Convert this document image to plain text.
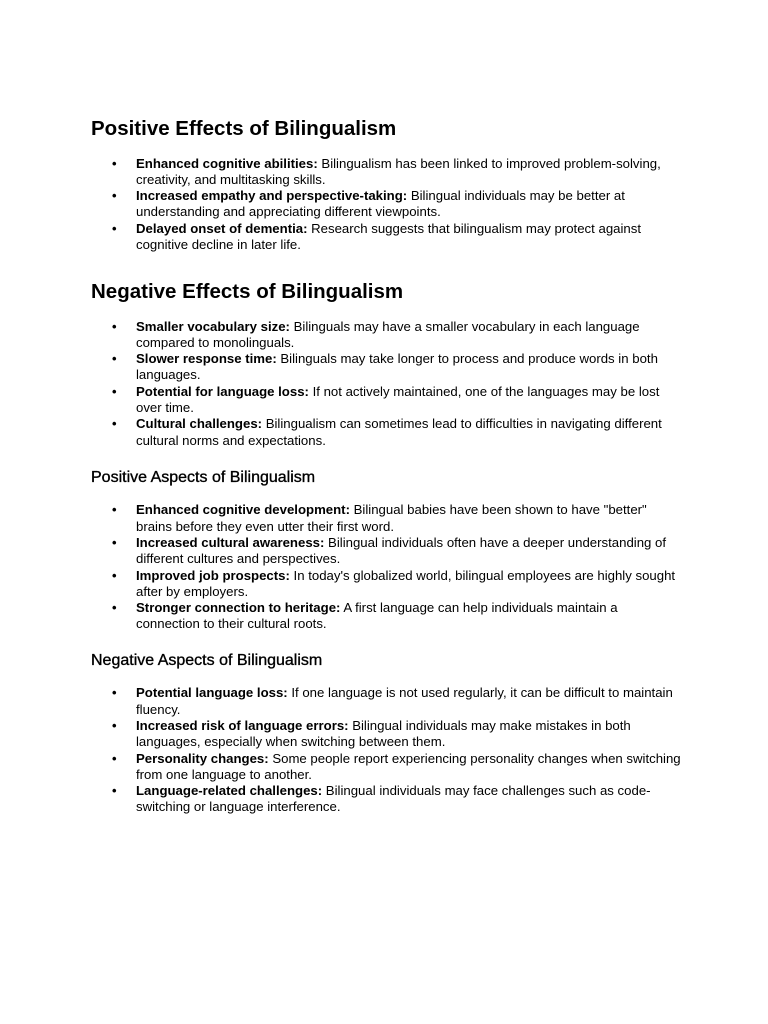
Positive Effects of Bilingualism
• Enhanced cognitive abilities: Bilingualism has been linked to improved problem-solving, creativity, and multitasking skills.
• Increased empathy and perspective-taking: Bilingual individuals may be better at understanding and appreciating different viewpoints.
• Delayed onset of dementia: Research suggests that bilingualism may protect against cognitive decline in later life.
Negative Effects of Bilingualism
• Smaller vocabulary size: Bilinguals may have a smaller vocabulary in each language compared to monolinguals.
• Slower response time: Bilinguals may take longer to process and produce words in both languages.
• Potential for language loss: If not actively maintained, one of the languages may be lost over time.
• Cultural challenges: Bilingualism can sometimes lead to difficulties in navigating different cultural norms and expectations.
Positive Aspects of Bilingualism
• Enhanced cognitive development: Bilingual babies have been shown to have "better" brains before they even utter their first word.
• Increased cultural awareness: Bilingual individuals often have a deeper understanding of different cultures and perspectives.
• Improved job prospects: In today's globalized world, bilingual employees are highly sought after by employers.
• Stronger connection to heritage: A first language can help individuals maintain a connection to their cultural roots.
Negative Aspects of Bilingualism
• Potential language loss: If one language is not used regularly, it can be difficult to maintain fluency.
• Increased risk of language errors: Bilingual individuals may make mistakes in both languages, especially when switching between them.
• Personality changes: Some people report experiencing personality changes when switching from one language to another.
• Language-related challenges: Bilingual individuals may face challenges such as code-switching or language interference.
